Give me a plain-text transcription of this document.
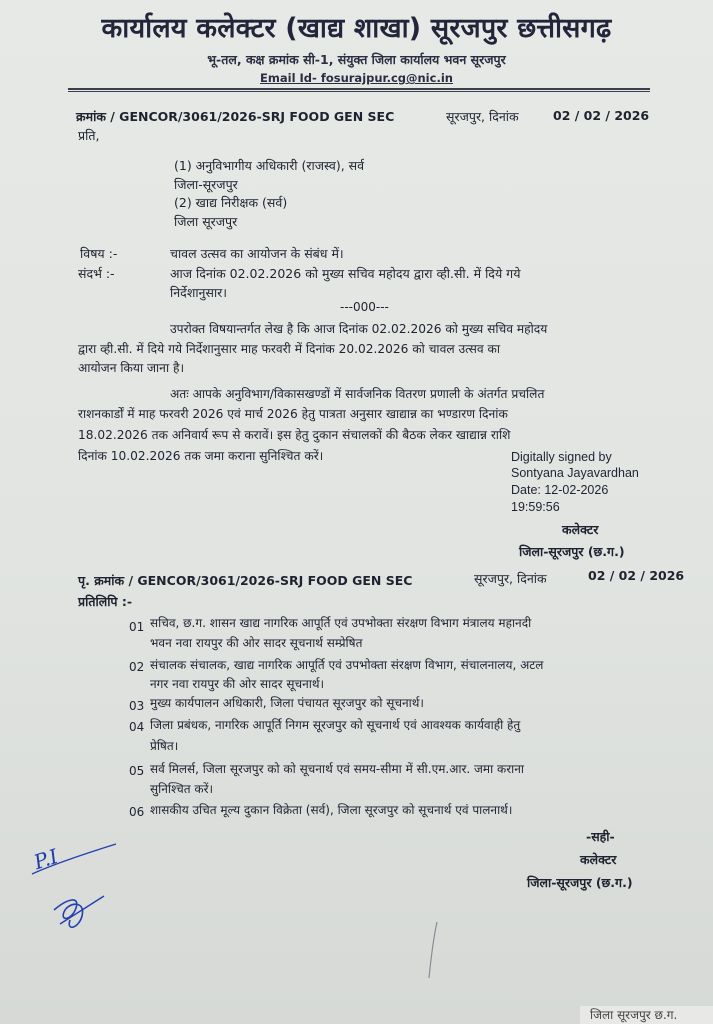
कार्यालय कलेक्टर (खाद्य शाखा) सूरजपुर छत्तीसगढ़
भू-तल, कक्ष क्रमांक सी-1, संयुक्त जिला कार्यालय भवन सूरजपुर
Email Id- fosurajpur.cg@nic.in
क्रमांक / GENCOR/3061/2026-SRJ FOOD GEN SEC	सूरजपुर, दिनांक	02 / 02 / 2026
प्रति,
(1) अनुविभागीय अधिकारी (राजस्व), सर्व
जिला-सूरजपुर
(2) खाद्य निरीक्षक (सर्व)
जिला सूरजपुर
विषय :-	चावल उत्सव का आयोजन के संबंध में।
संदर्भ :-	आज दिनांक 02.02.2026 को मुख्य सचिव महोदय द्वारा व्ही.सी. में दिये गये
निर्देशानुसार।
---000---
उपरोक्त विषयान्तर्गत लेख है कि आज दिनांक 02.02.2026 को मुख्य सचिव महोदय
द्वारा व्ही.सी. में दिये गये निर्देशानुसार माह फरवरी में दिनांक 20.02.2026 को चावल उत्सव का
आयोजन किया जाना है।
अतः आपके अनुविभाग/विकासखण्डों में सार्वजनिक वितरण प्रणाली के अंतर्गत प्रचलित
राशनकार्डों में माह फरवरी 2026 एवं मार्च 2026 हेतु पात्रता अनुसार खाद्यान्न का भण्डारण दिनांक
18.02.2026 तक अनिवार्य रूप से करावें। इस हेतु दुकान संचालकों की बैठक लेकर खाद्यान्न राशि
दिनांक 10.02.2026 तक जमा कराना सुनिश्चित करें।	Digitally signed by
Sontyana Jayavardhan
Date: 12-02-2026
19:59:56
कलेक्टर
जिला-सूरजपुर (छ.ग.)
पृ. क्रमांक / GENCOR/3061/2026-SRJ FOOD GEN SEC	सूरजपुर, दिनांक	02 / 02 / 2026
प्रतिलिपि :-
01 सचिव, छ.ग. शासन खाद्य नागरिक आपूर्ति एवं उपभोक्ता संरक्षण विभाग मंत्रालय महानदी
भवन नवा रायपुर की ओर सादर सूचनार्थ सम्प्रेषित
02 संचालक संचालक, खाद्य नागरिक आपूर्ति एवं उपभोक्ता संरक्षण विभाग, संचालनालय, अटल
नगर नवा रायपुर की ओर सादर सूचनार्थ।
03 मुख्य कार्यपालन अधिकारी, जिला पंचायत सूरजपुर को सूचनार्थ।
04 जिला प्रबंधक, नागरिक आपूर्ति निगम सूरजपुर को सूचनार्थ एवं आवश्यक कार्यवाही हेतु
प्रेषित।
05 सर्व मिलर्स, जिला सूरजपुर को को सूचनार्थ एवं समय-सीमा में सी.एम.आर. जमा कराना
सुनिश्चित करें।
06 शासकीय उचित मूल्य दुकान विक्रेता (सर्व), जिला सूरजपुर को सूचनार्थ एवं पालनार्थ।
-सही-
कलेक्टर
जिला-सूरजपुर (छ.ग.)
P.I
जिला सूरजपुर छ.ग.
